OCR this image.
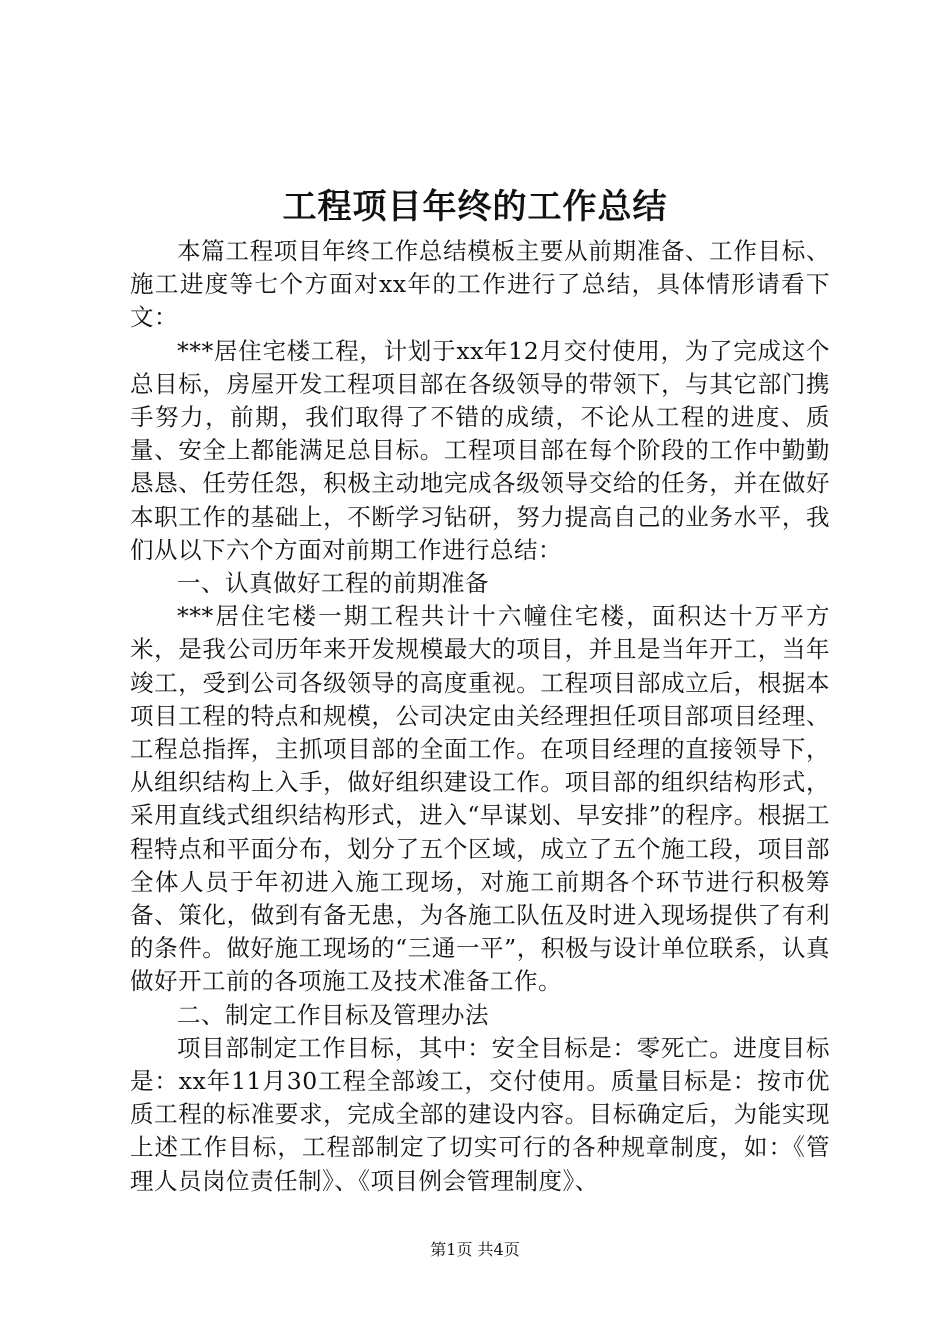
工程项目年终的工作总结

本篇工程项目年终工作总结模板主要从前期准备、工作目标、施工进度等七个方面对xx年的工作进行了总结，具体情形请看下文：

***居住宅楼工程，计划于xx年12月交付使用，为了完成这个总目标，房屋开发工程项目部在各级领导的带领下，与其它部门携手努力，前期，我们取得了不错的成绩，不论从工程的进度、质量、安全上都能满足总目标。工程项目部在每个阶段的工作中勤勤恳恳、任劳任怨，积极主动地完成各级领导交给的任务，并在做好本职工作的基础上，不断学习钻研，努力提高自己的业务水平，我们从以下六个方面对前期工作进行总结：

一、认真做好工程的前期准备

***居住宅楼一期工程共计十六幢住宅楼，面积达十万平方米，是我公司历年来开发规模最大的项目，并且是当年开工，当年竣工，受到公司各级领导的高度重视。工程项目部成立后，根据本项目工程的特点和规模，公司决定由关经理担任项目部项目经理、工程总指挥，主抓项目部的全面工作。在项目经理的直接领导下，从组织结构上入手，做好组织建设工作。项目部的组织结构形式，采用直线式组织结构形式，进入“早谋划、早安排”的程序。根据工程特点和平面分布，划分了五个区域，成立了五个施工段，项目部全体人员于年初进入施工现场，对施工前期各个环节进行积极筹备、策化，做到有备无患，为各施工队伍及时进入现场提供了有利的条件。做好施工现场的“三通一平”，积极与设计单位联系，认真做好开工前的各项施工及技术准备工作。

二、制定工作目标及管理办法

项目部制定工作目标，其中：安全目标是：零死亡。进度目标是：xx年11月30工程全部竣工，交付使用。质量目标是：按市优质工程的标准要求，完成全部的建设内容。目标确定后，为能实现上述工作目标，工程部制定了切实可行的各种规章制度，如：《管理人员岗位责任制》、《项目例会管理制度》、

第1页 共4页
